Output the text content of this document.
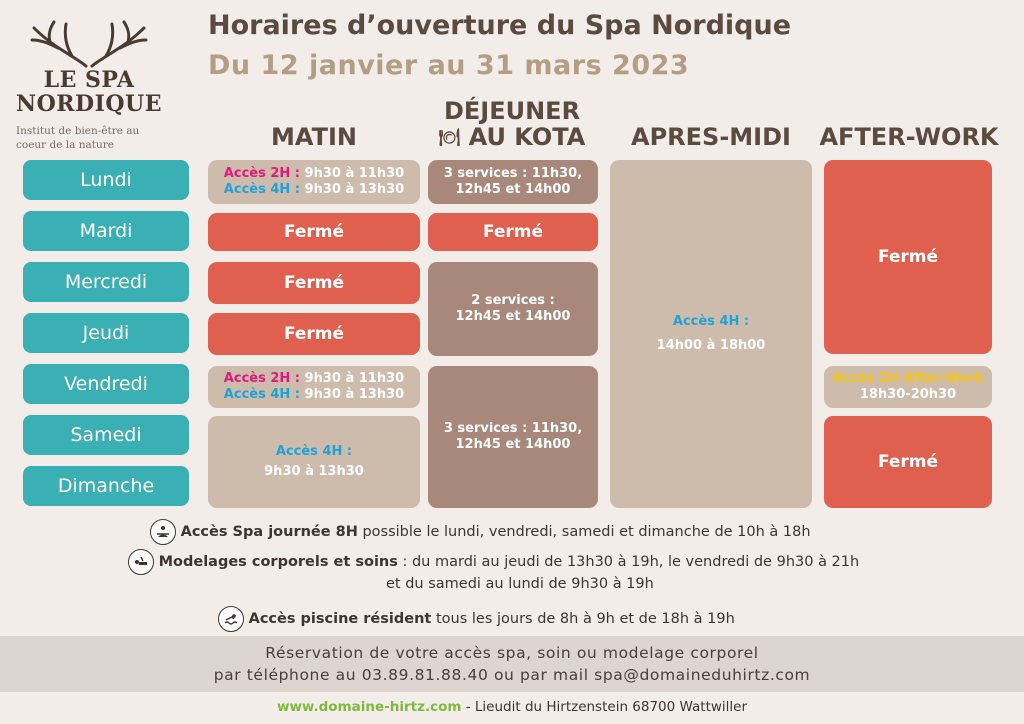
LE SPA
NORDIQUE
Institut de bien-être au
coeur de la nature
Horaires d’ouverture du Spa Nordique
Du 12 janvier au 31 mars 2023
MATIN
DÉJEUNER
🍽 AU KOTA	APRES-MIDI	AFTER-WORK
Lundi
Mardi
Mercredi
Jeudi
Vendredi
Samedi
Dimanche
Accès 2H : 9h30 à 11h30
Accès 4H : 9h30 à 13h30
Fermé
Fermé
Fermé
Accès 2H : 9h30 à 11h30
Accès 4H : 9h30 à 13h30
Accès 4H :
9h30 à 13h30
3 services : 11h30,
12h45 et 14h00
Fermé
2 services :
12h45 et 14h00
3 services : 11h30,
12h45 et 14h00
Accès 4H :
14h00 à 18h00
Fermé
Accès 2H After-Work
18h30-20h30
Fermé
Accès Spa journée 8H possible le lundi, vendredi, samedi et dimanche de 10h à 18h
Modelages corporels et soins : du mardi au jeudi de 13h30 à 19h, le vendredi de 9h30 à 21h
et du samedi au lundi de 9h30 à 19h
Accès piscine résident tous les jours de 8h à 9h et de 18h à 19h
Réservation de votre accès spa, soin ou modelage corporel
par téléphone au 03.89.81.88.40 ou par mail spa@domaineduhirtz.com
www.domaine-hirtz.com - Lieudit du Hirtzenstein 68700 Wattwiller
